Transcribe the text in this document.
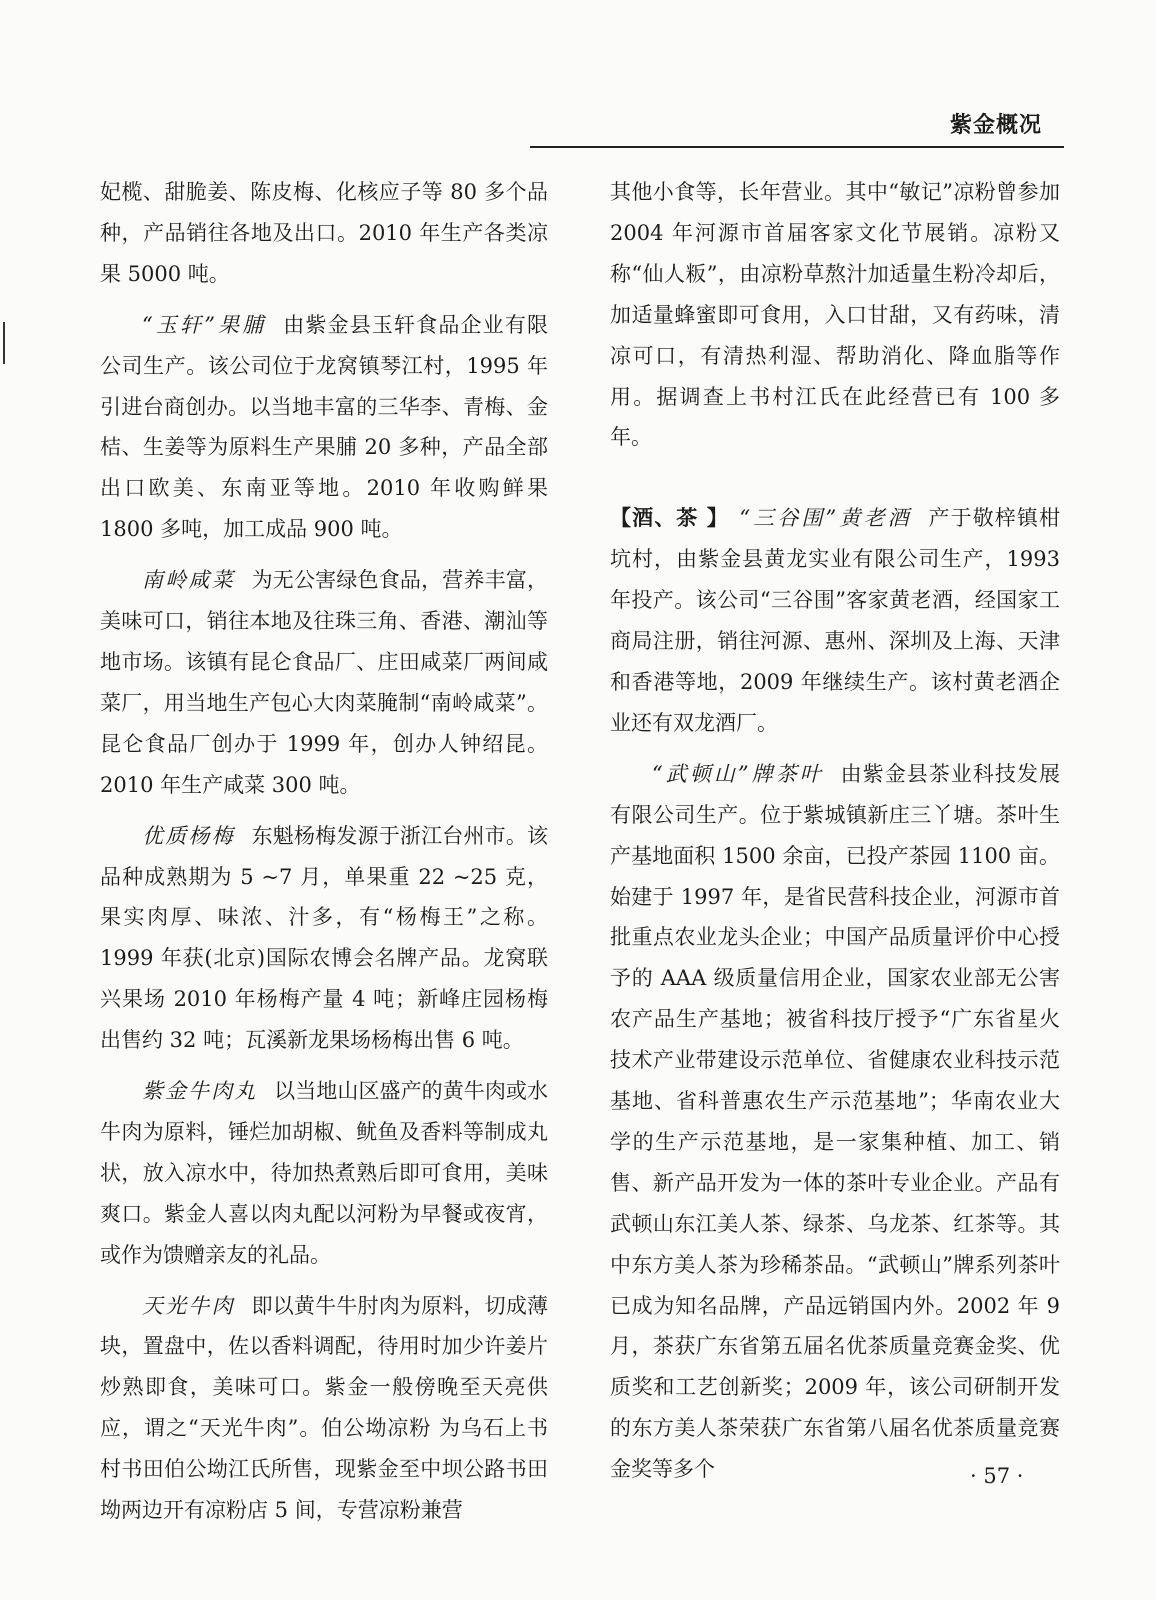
紫金概况

妃榄、甜脆姜、陈皮梅、化核应子等 80 多个品种，产品销往各地及出口。2010 年生产各类凉果 5000 吨。

“玉轩”果脯 由紫金县玉轩食品企业有限公司生产。该公司位于龙窝镇琴江村，1995 年引进台商创办。以当地丰富的三华李、青梅、金桔、生姜等为原料生产果脯 20 多种，产品全部出口欧美、东南亚等地。2010 年收购鲜果 1800 多吨，加工成品 900 吨。

南岭咸菜 为无公害绿色食品，营养丰富，美味可口，销往本地及往珠三角、香港、潮汕等地市场。该镇有昆仑食品厂、庄田咸菜厂两间咸菜厂，用当地生产包心大肉菜腌制“南岭咸菜”。昆仑食品厂创办于 1999 年，创办人钟绍昆。2010 年生产咸菜 300 吨。

优质杨梅 东魁杨梅发源于浙江台州市。该品种成熟期为 5 ~7 月，单果重 22 ~25 克，果实肉厚、味浓、汁多，有“杨梅王”之称。1999 年获(北京)国际农博会名牌产品。龙窝联兴果场 2010 年杨梅产量 4 吨；新峰庄园杨梅出售约 32 吨；瓦溪新龙果场杨梅出售 6 吨。

紫金牛肉丸 以当地山区盛产的黄牛肉或水牛肉为原料，锤烂加胡椒、鱿鱼及香料等制成丸状，放入凉水中，待加热煮熟后即可食用，美味爽口。紫金人喜以肉丸配以河粉为早餐或夜宵，或作为馈赠亲友的礼品。

天光牛肉 即以黄牛牛肘肉为原料，切成薄块，置盘中，佐以香料调配，待用时加少许姜片炒熟即食，美味可口。紫金一般傍晚至天亮供应，谓之“天光牛肉”。伯公坳凉粉 为乌石上书村书田伯公坳江氏所售，现紫金至中坝公路书田坳两边开有凉粉店 5 间，专营凉粉兼营

其他小食等，长年营业。其中“敏记”凉粉曾参加 2004 年河源市首届客家文化节展销。凉粉又称“仙人粄”，由凉粉草熬汁加适量生粉冷却后，加适量蜂蜜即可食用，入口甘甜，又有药味，清凉可口，有清热利湿、帮助消化、降血脂等作用。据调查上书村江氏在此经营已有 100 多年。

【酒、茶 】 “三谷围”黄老酒 产于敬梓镇柑坑村，由紫金县黄龙实业有限公司生产，1993 年投产。该公司“三谷围”客家黄老酒，经国家工商局注册，销往河源、惠州、深圳及上海、天津和香港等地，2009 年继续生产。该村黄老酒企业还有双龙酒厂。

“武顿山”牌茶叶 由紫金县茶业科技发展有限公司生产。位于紫城镇新庄三丫塘。茶叶生产基地面积 1500 余亩，已投产茶园 1100 亩。始建于 1997 年，是省民营科技企业，河源市首批重点农业龙头企业；中国产品质量评价中心授予的 AAA 级质量信用企业，国家农业部无公害农产品生产基地；被省科技厅授予“广东省星火技术产业带建设示范单位、省健康农业科技示范基地、省科普惠农生产示范基地”；华南农业大学的生产示范基地，是一家集种植、加工、销售、新产品开发为一体的茶叶专业企业。产品有武顿山东江美人茶、绿茶、乌龙茶、红茶等。其中东方美人茶为珍稀茶品。“武顿山”牌系列茶叶已成为知名品牌，产品远销国内外。2002 年 9 月，茶获广东省第五届名优茶质量竞赛金奖、优质奖和工艺创新奖；2009 年，该公司研制开发的东方美人茶荣获广东省第八届名优茶质量竞赛金奖等多个	· 57 ·
